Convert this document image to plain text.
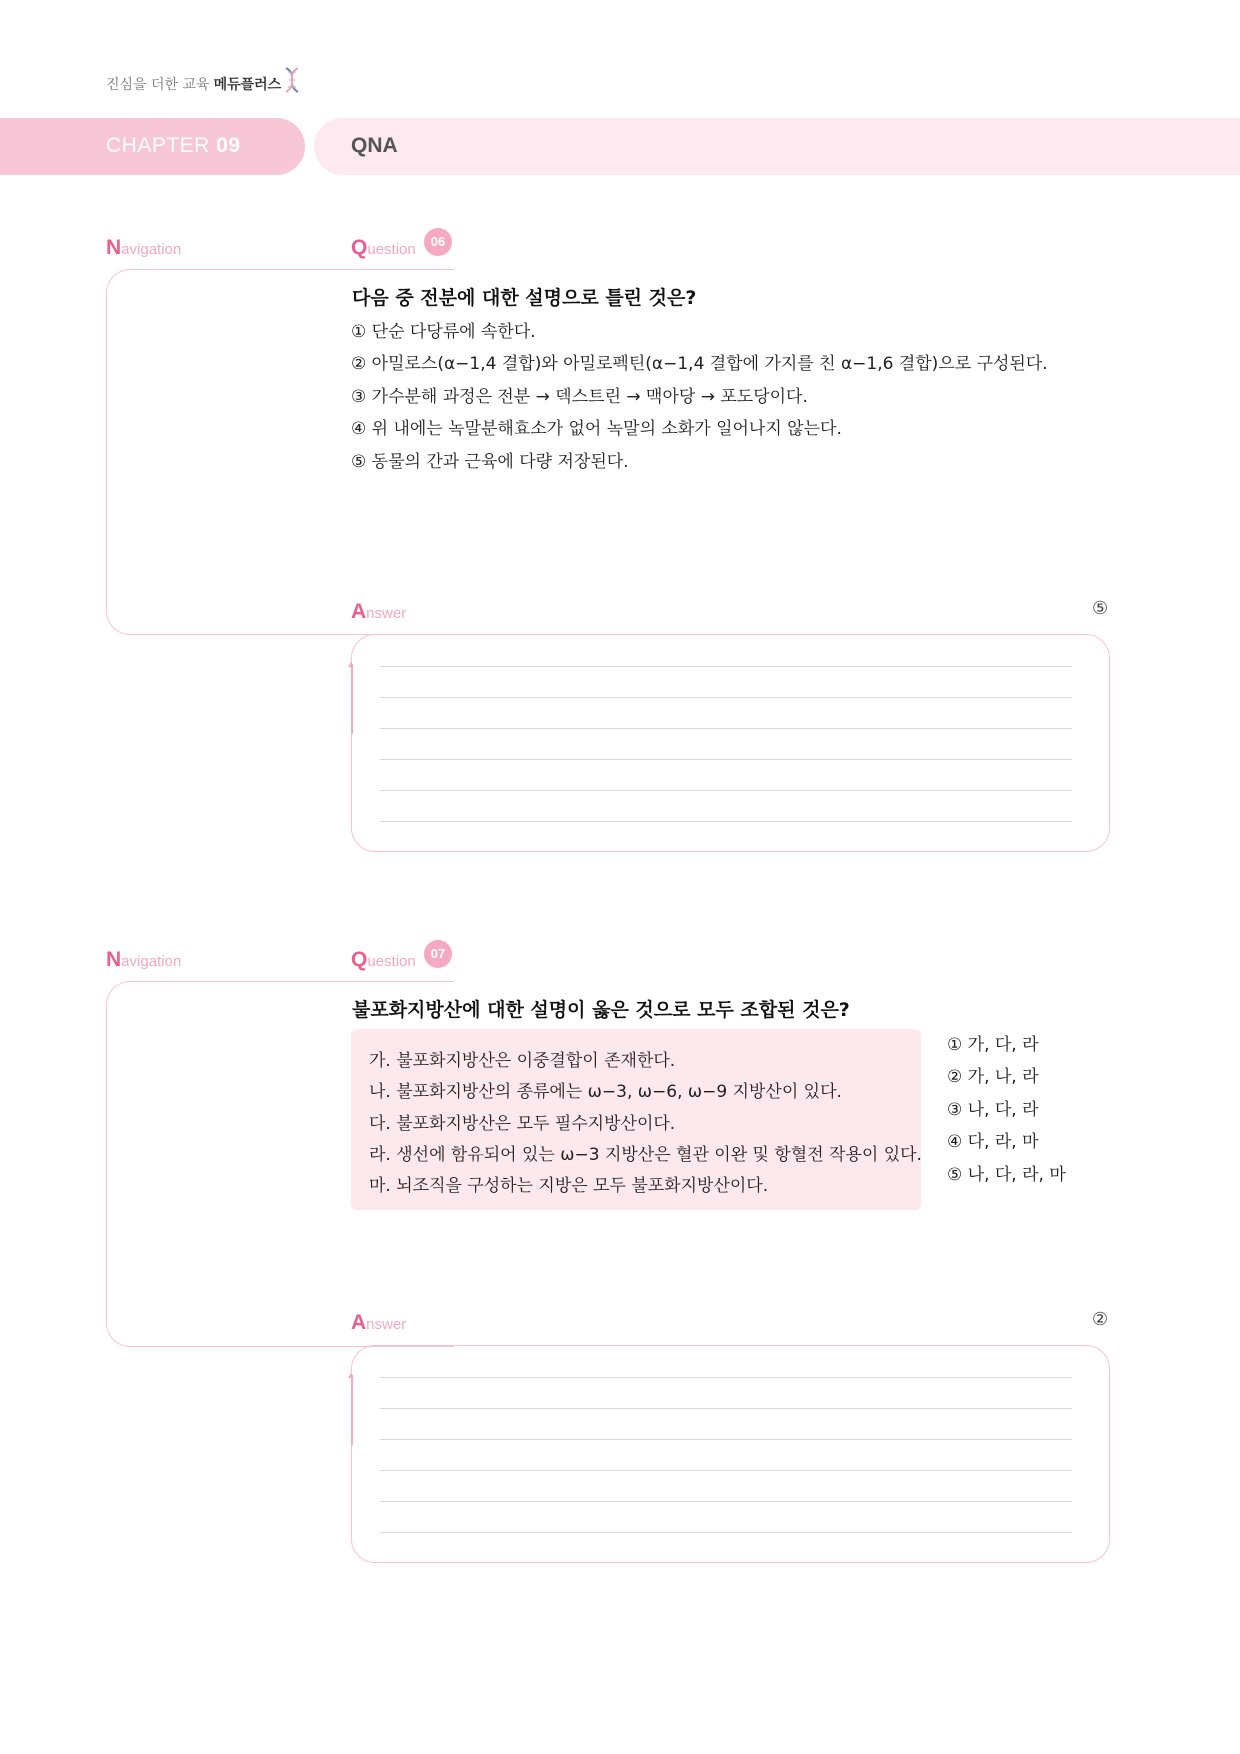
진심을 더한 교육 메듀플러스
CHAPTER 09	QNA
Navigation	Question	06
다음 중 전분에 대한 설명으로 틀린 것은?
① 단순 다당류에 속한다.
② 아밀로스(α−1,4 결합)와 아밀로펙틴(α−1,4 결합에 가지를 친 α−1,6 결합)으로 구성된다.
③ 가수분해 과정은 전분 → 덱스트린 → 맥아당 → 포도당이다.
④ 위 내에는 녹말분해효소가 없어 녹말의 소화가 일어나지 않는다.
⑤ 동물의 간과 근육에 다량 저장된다.
Answer	⑤
Navigation	Question	07
불포화지방산에 대한 설명이 옳은 것으로 모두 조합된 것은?
가. 불포화지방산은 이중결합이 존재한다.
나. 불포화지방산의 종류에는 ω−3, ω−6, ω−9 지방산이 있다.
다. 불포화지방산은 모두 필수지방산이다.
라. 생선에 함유되어 있는 ω−3 지방산은 혈관 이완 및 항혈전 작용이 있다.
마. 뇌조직을 구성하는 지방은 모두 불포화지방산이다.
① 가, 다, 라
② 가, 나, 라
③ 나, 다, 라
④ 다, 라, 마
⑤ 나, 다, 라, 마
Answer	②
